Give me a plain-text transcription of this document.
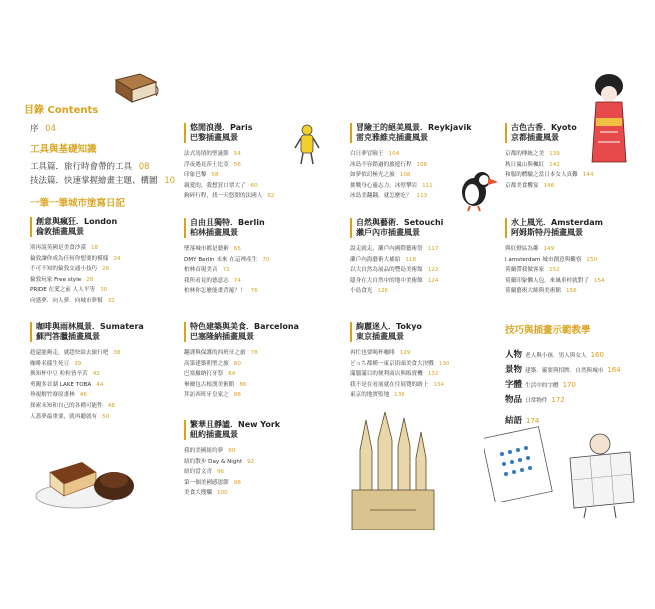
目錄 Contents
序 04
工具與基礎知識
工具篇．旅行時會帶的工具 08
技法篇．快速掌握繪畫主題、構圖 10
一筆一筆城市塗寫日記
創意與瘋狂．London
倫敦插畫風景
別再說英國是美食沙漠 18
倫敦讓你成為任何你想要的模樣 24
不可不知的倫敦交通小技巧 26
倫敦玩家 Free style 28
PRIDE 在愛之前 人人平等 30
向盛夢．向人夢．向城市夢幫 32
咖啡與雨林風景．Sumatera
蘇門答臘插畫風景
趁還能夠走，就趕快給去旅行吧 38
咖啡名樣生死豆 39
換知杯中豆 粒粒皆辛苦 42
勇闖多首湖 LAKE TOBA 44
珍視解竹寮原畫林 46
探索未知和自己的各種可能性 48
人蓋夢最重要，就再聽就有 50
悠閒浪漫．Paris
巴黎插畫風景
法式馬情的聖誕節 54
浮夜遇見莎士比亞 56
印象巴黎 58
親愛的，我想買口罩大了 60
鉤碎行程，找一天悠閒的法國人 62
自由且獨特．Berlin
柏林插畫風景
墜落城市都是藝術 65
DMY Berlin 未來 在這裡產生 70
柏林首現美音 72
我所看見的德意志 74
柏林你怎麼能畫背罷？！ 76
特色建築與美食．Barcelona
巴塞隆納插畫風景
翻譯與保護的西班牙之旅 78
高第建築朝聖之旅 80
巴塞羅納打牙祭 84
畢爾包古根漢美術館 86
拜訪西班牙皇家之 88
繁華且靜謐．New York
紐約插畫風景
我的美國紐約夢 90
紐約散步 Day & Night 92
紐約當文青 96
第一個美國感恩節 98
美食大搜爛 100
冒險王的絕美風景．Reykjavik
雷克雅維克插畫風景
白日夢冒險王 104
冰島不容錯過的旅遊行程 106
如夢似幻極光之旅 108
挑戰身心靈志力，冰壁攀岩 111
冰島美翻翻，就怎麼吃？ 113
自然與藝術．Setouchi
瀨戶內市插畫風景
說走就走，瀨戶內國際藝術祭 117
瀨戶內海藝術大補給 118
以大自然為展品的豐島美術館 122
隱身在大自然中的地中美術館 124
小島食光 126
絢麗迷人．Tokyo
東京插畫風景
再忙也要喝杯咖啡 129
どっち都種一東京街頭美食大決戰 130
滿腦滿目的便利商店與販賣機 132
我不是在看展就在往展覽的路上 134
東京的地實監地 136
古色古香．Kyoto
京都插畫風景
京都的傳統之美 139
秋日嵐山與楓紅 142
和服的體驗之當日本女人真難 144
京都美食饗宴 146
水上風光．Amsterdam
阿姆斯特丹插畫風景
與紅燈區為鄰 149
I amsterdam 城市創意與觀察 150
荷蘭帶我做客家 152
荷蘭印象懶人包，來風車村就對了 154
荷蘭藝術大師與美術館 156
技巧與插畫示範教學
人物 老人與小孩．男人與女人 160
景物 建築．靈要與招牌．自然與城市 164
字體 生活中的字體 170
物品 日常物件 172
結語 174
